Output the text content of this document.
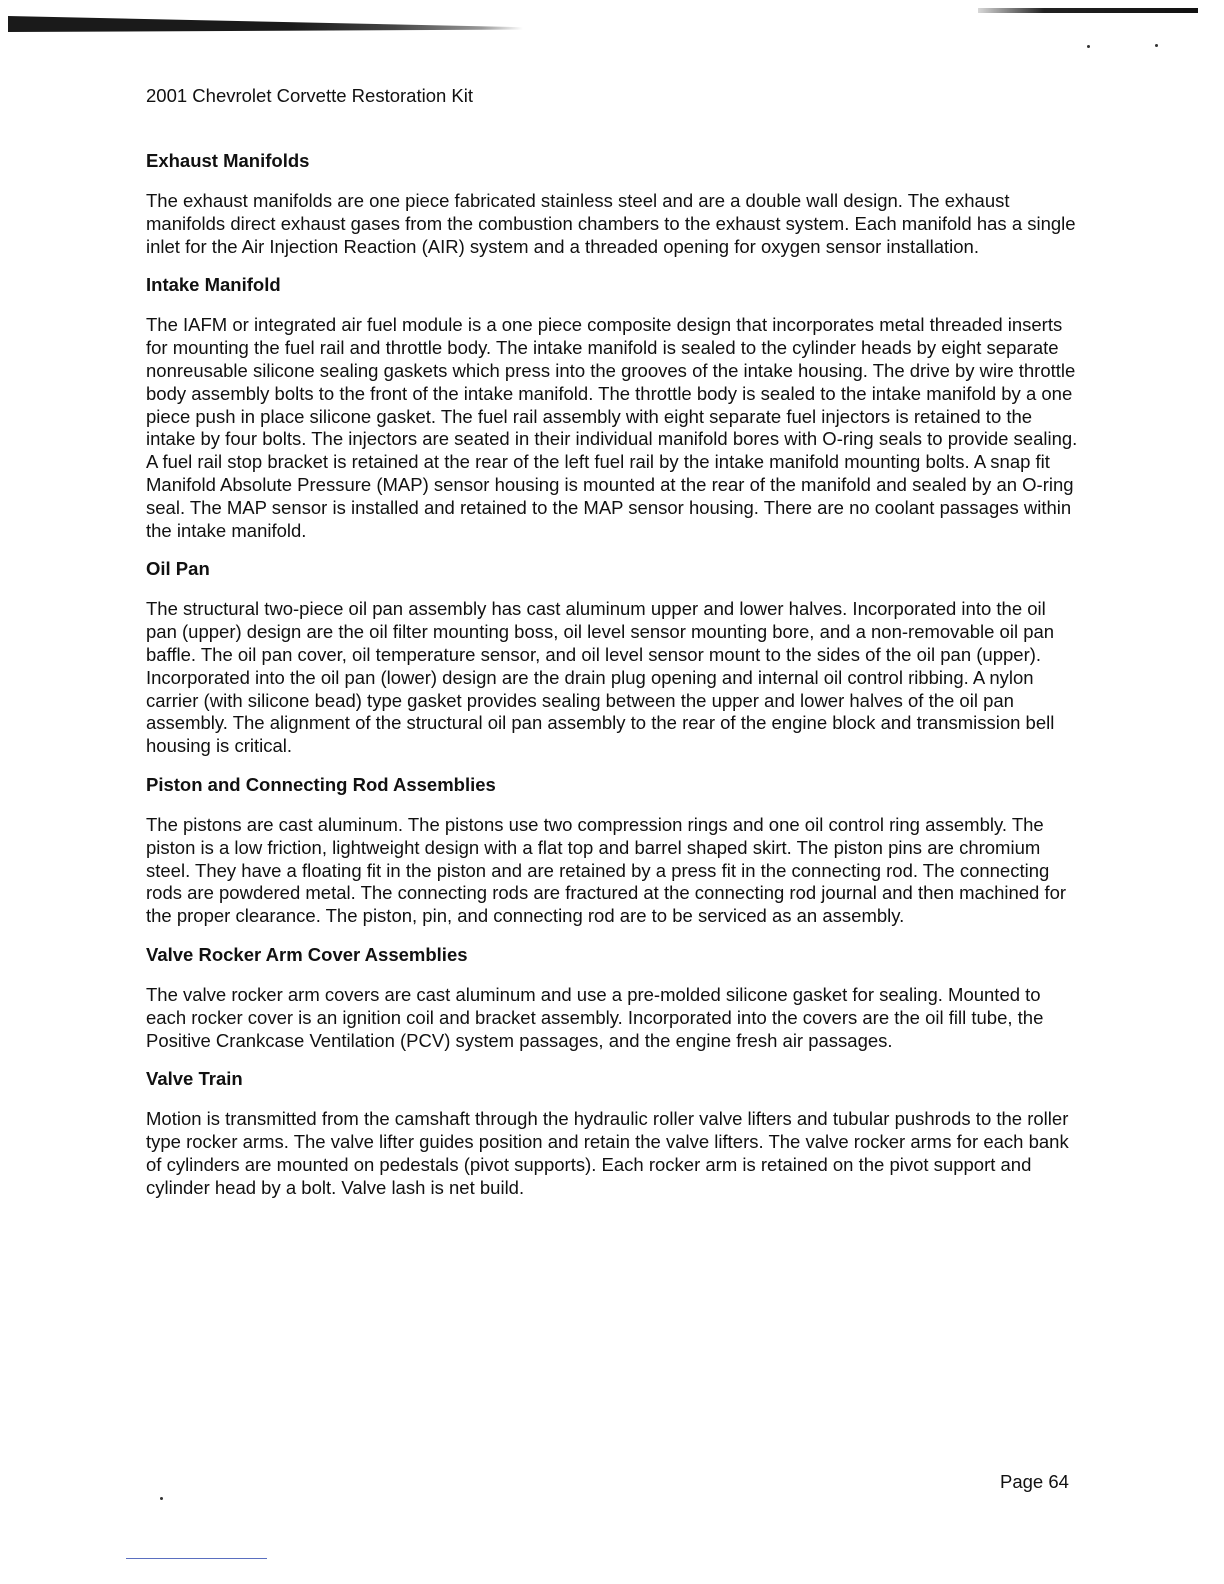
2001 Chevrolet Corvette Restoration Kit
Exhaust Manifolds
The exhaust manifolds are one piece fabricated stainless steel and are a double wall design. The exhaust manifolds direct exhaust gases from the combustion chambers to the exhaust system. Each manifold has a single inlet for the Air Injection Reaction (AIR) system and a threaded opening for oxygen sensor installation.
Intake Manifold
The IAFM or integrated air fuel module is a one piece composite design that incorporates metal threaded inserts for mounting the fuel rail and throttle body. The intake manifold is sealed to the cylinder heads by eight separate nonreusable silicone sealing gaskets which press into the grooves of the intake housing. The drive by wire throttle body assembly bolts to the front of the intake manifold. The throttle body is sealed to the intake manifold by a one piece push in place silicone gasket. The fuel rail assembly with eight separate fuel injectors is retained to the intake by four bolts. The injectors are seated in their individual manifold bores with O-ring seals to provide sealing. A fuel rail stop bracket is retained at the rear of the left fuel rail by the intake manifold mounting bolts. A snap fit Manifold Absolute Pressure (MAP) sensor housing is mounted at the rear of the manifold and sealed by an O-ring seal. The MAP sensor is installed and retained to the MAP sensor housing. There are no coolant passages within the intake manifold.
Oil Pan
The structural two-piece oil pan assembly has cast aluminum upper and lower halves. Incorporated into the oil pan (upper) design are the oil filter mounting boss, oil level sensor mounting bore, and a non-removable oil pan baffle. The oil pan cover, oil temperature sensor, and oil level sensor mount to the sides of the oil pan (upper). Incorporated into the oil pan (lower) design are the drain plug opening and internal oil control ribbing. A nylon carrier (with silicone bead) type gasket provides sealing between the upper and lower halves of the oil pan assembly. The alignment of the structural oil pan assembly to the rear of the engine block and transmission bell housing is critical.
Piston and Connecting Rod Assemblies
The pistons are cast aluminum. The pistons use two compression rings and one oil control ring assembly. The piston is a low friction, lightweight design with a flat top and barrel shaped skirt. The piston pins are chromium steel. They have a floating fit in the piston and are retained by a press fit in the connecting rod. The connecting rods are powdered metal. The connecting rods are fractured at the connecting rod journal and then machined for the proper clearance. The piston, pin, and connecting rod are to be serviced as an assembly.
Valve Rocker Arm Cover Assemblies
The valve rocker arm covers are cast aluminum and use a pre-molded silicone gasket for sealing. Mounted to each rocker cover is an ignition coil and bracket assembly. Incorporated into the covers are the oil fill tube, the Positive Crankcase Ventilation (PCV) system passages, and the engine fresh air passages.
Valve Train
Motion is transmitted from the camshaft through the hydraulic roller valve lifters and tubular pushrods to the roller type rocker arms. The valve lifter guides position and retain the valve lifters. The valve rocker arms for each bank of cylinders are mounted on pedestals (pivot supports). Each rocker arm is retained on the pivot support and cylinder head by a bolt. Valve lash is net build.
Page 64
